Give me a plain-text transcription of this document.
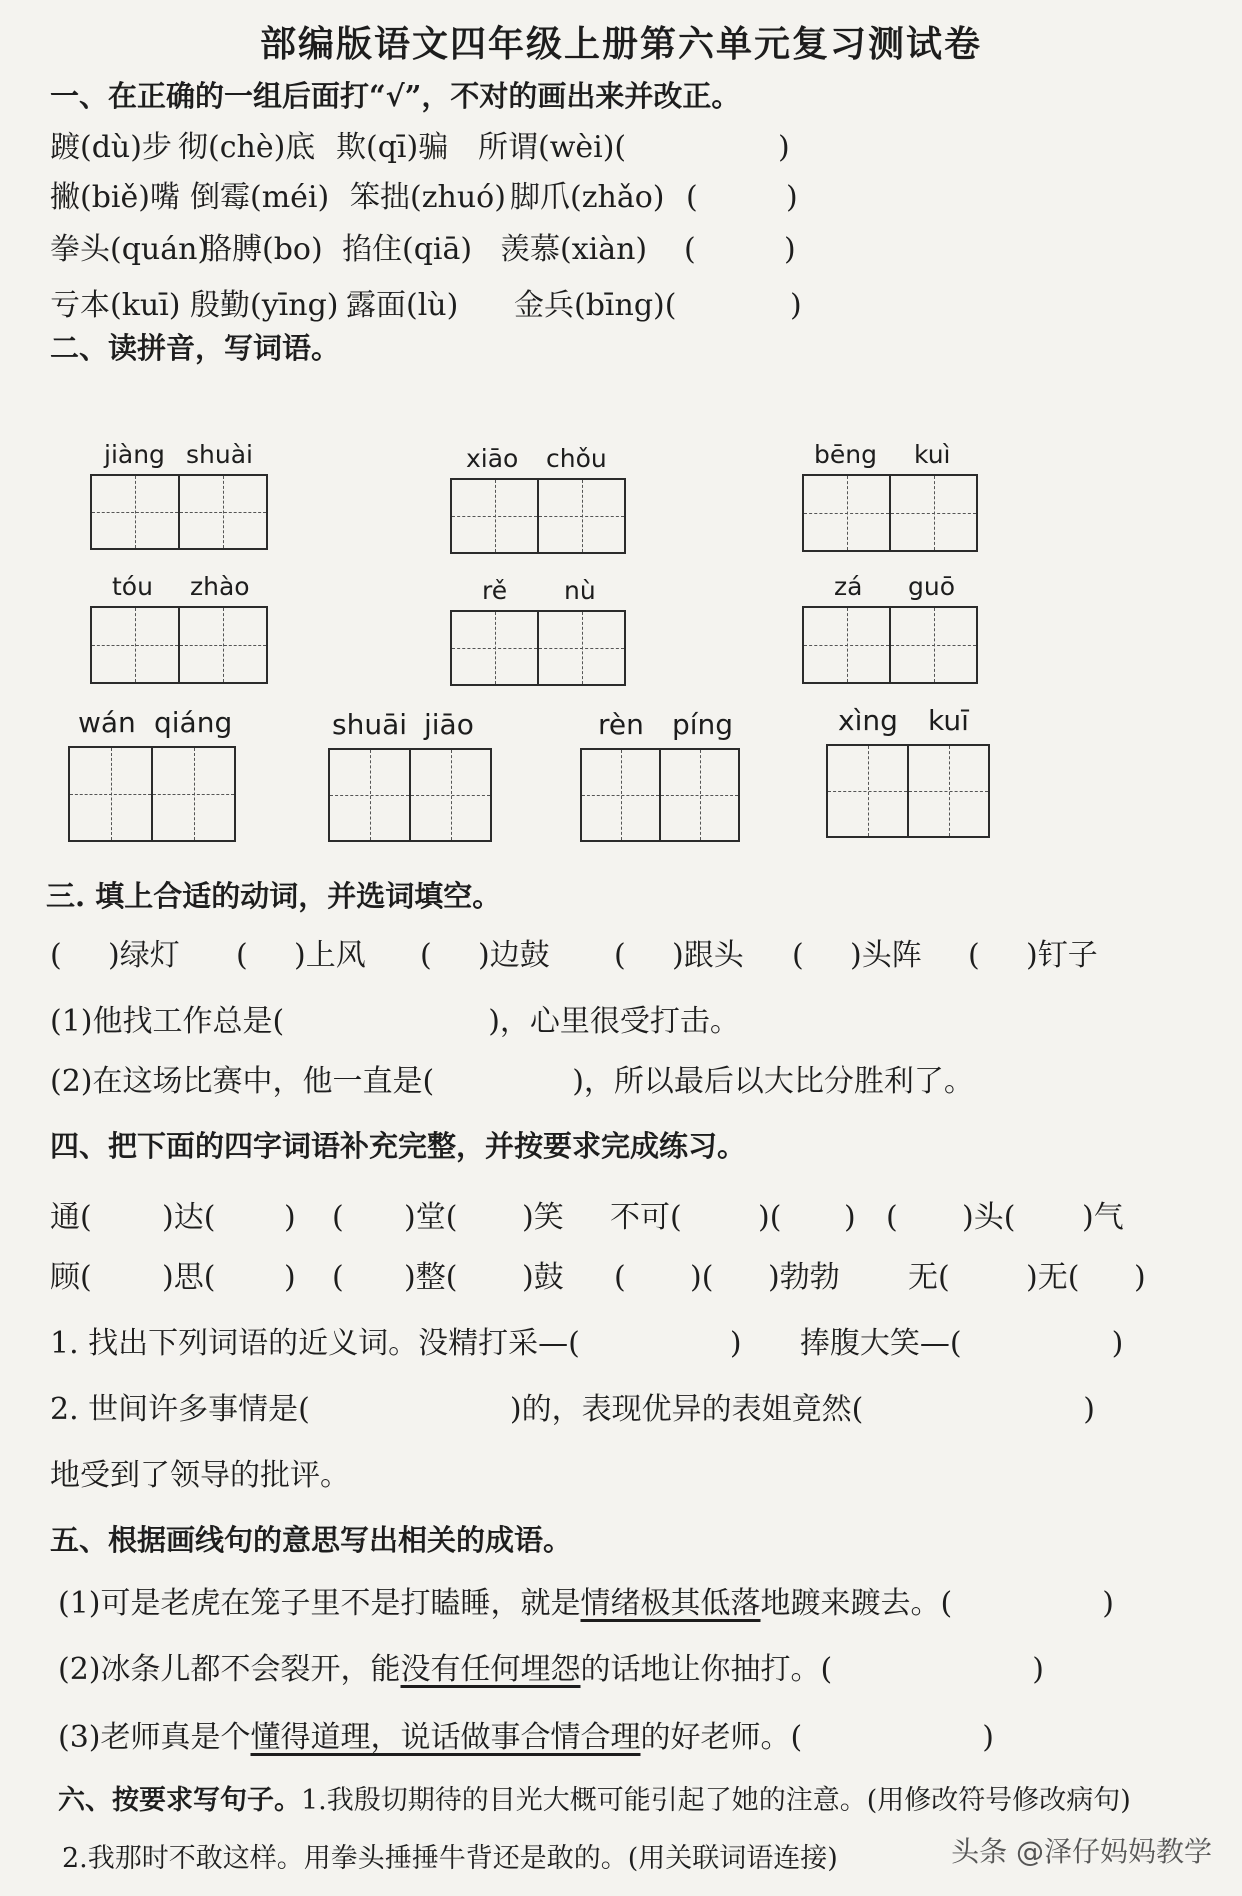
部编版语文四年级上册第六单元复习测试卷
一、在正确的一组后面打“√”，不对的画出来并改正。
踱(dù)步 彻(chè)底 欺(qī)骗 所谓(wèi)(	)
撇(biě)嘴 倒霉(méi) 笨拙(zhuó) 脚爪(zhǎo) (	)
拳头(quán)胳膊(bo) 掐住(qiā) 羡慕(xiàn) (	)
亏本(kuī) 殷勤(yīng) 露面(lù) 金兵(bīng)(	)
二、读拼音，写词语。
jiàng shuài	xiāo chǒu	bēng kuì
tóu zhào	rě nù	zá guō
wán qiáng	shuāi jiāo	rèn píng	xìng kuī
三. 填上合适的动词，并选词填空。
( )绿灯 ( )上风 ( )边鼓 ( )跟头 ( )头阵 ( )钉子
(1)他找工作总是(	)，心里很受打击。
(2)在这场比赛中，他一直是(	)，所以最后以大比分胜利了。
四、把下面的四字词语补充完整，并按要求完成练习。
通( )达( ) ( )堂( )笑 不可(	)( ) ( )头( )气
顾( )思( ) ( )整( )鼓 ( )( )勃勃 无(	)无( )
1. 找出下列词语的近义词。没精打采—(	) 捧腹大笑—(	)
2. 世间许多事情是(	)的，表现优异的表姐竟然(	)
地受到了领导的批评。
五、根据画线句的意思写出相关的成语。
(1)可是老虎在笼子里不是打瞌睡，就是情绪极其低落地踱来踱去。(	)
(2)冰条儿都不会裂开，能没有任何埋怨的话地让你抽打。(	)
(3)老师真是个懂得道理，说话做事合情合理的好老师。(	)
六、按要求写句子。1.我殷切期待的目光大概可能引起了她的注意。(用修改符号修改病句)
2.我那时不敢这样。用拳头捶捶牛背还是敢的。(用关联词语连接)	头条 @泽仔妈妈教学
